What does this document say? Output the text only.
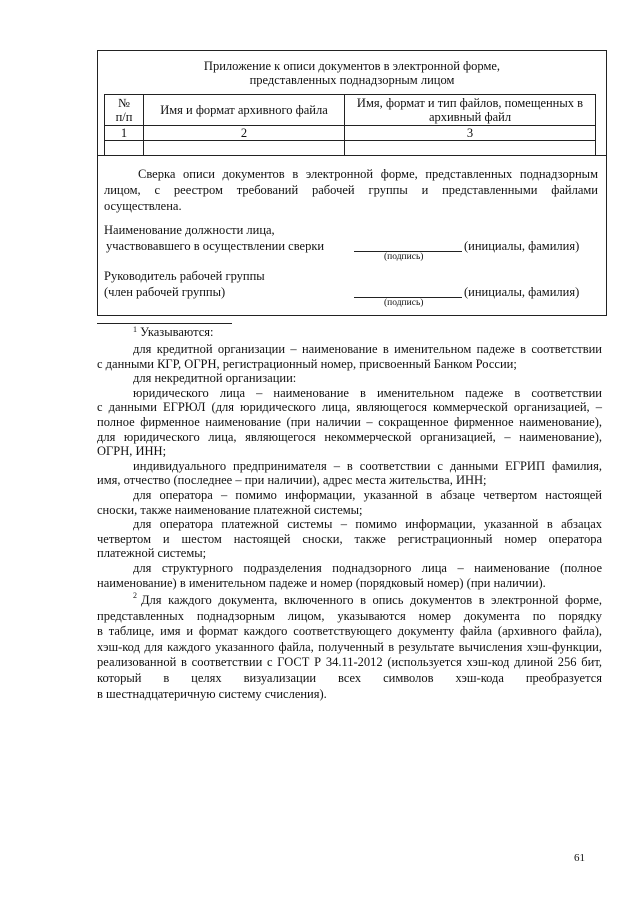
Приложение к описи документов в электронной форме,
представленных поднадзорным лицом
№
п/п	Имя и формат архивного файла	Имя, формат и тип файлов, помещенных в
архивный файл
1	2	3

Сверка описи документов в электронной форме, представленных поднадзорным
лицом, с реестром требований рабочей группы и представленными файлами
осуществлена.
Наименование должности лица,
участвовавшего в осуществлении сверки	(инициалы, фамилия)
(подпись)
Руководитель рабочей группы
(член рабочей группы)	(инициалы, фамилия)
(подпись)
$^1$ Указываются:
для кредитной организации – наименование в именительном падеже в соответствии
с данными КГР, ОГРН, регистрационный номер, присвоенный Банком России;
для некредитной организации:
юридического лица – наименование в именительном падеже в соответствии
с данными ЕГРЮЛ (для юридического лица, являющегося коммерческой организацией, –
полное фирменное наименование (при наличии – сокращенное фирменное наименование),
для юридического лица, являющегося некоммерческой организацией, – наименование),
ОГРН, ИНН;
индивидуального предпринимателя – в соответствии с данными ЕГРИП фамилия,
имя, отчество (последнее – при наличии), адрес места жительства, ИНН;
для оператора – помимо информации, указанной в абзаце четвертом настоящей
сноски, также наименование платежной системы;
для оператора платежной системы – помимо информации, указанной в абзацах
четвертом и шестом настоящей сноски, также регистрационный номер оператора
платежной системы;
для структурного подразделения поднадзорного лица – наименование (полное
наименование) в именительном падеже и номер (порядковый номер) (при наличии).
$^2$ Для каждого документа, включенного в опись документов в электронной форме,
представленных поднадзорным лицом, указываются номер документа по порядку
в таблице, имя и формат каждого соответствующего документу файла (архивного файла),
хэш-код для каждого указанного файла, полученный в результате вычисления хэш-функции,
реализованной в соответствии с ГОСТ Р 34.11-2012 (используется хэш-код длиной 256 бит,
который в целях визуализации всех символов хэш-кода преобразуется
в шестнадцатеричную систему счисления).
61
